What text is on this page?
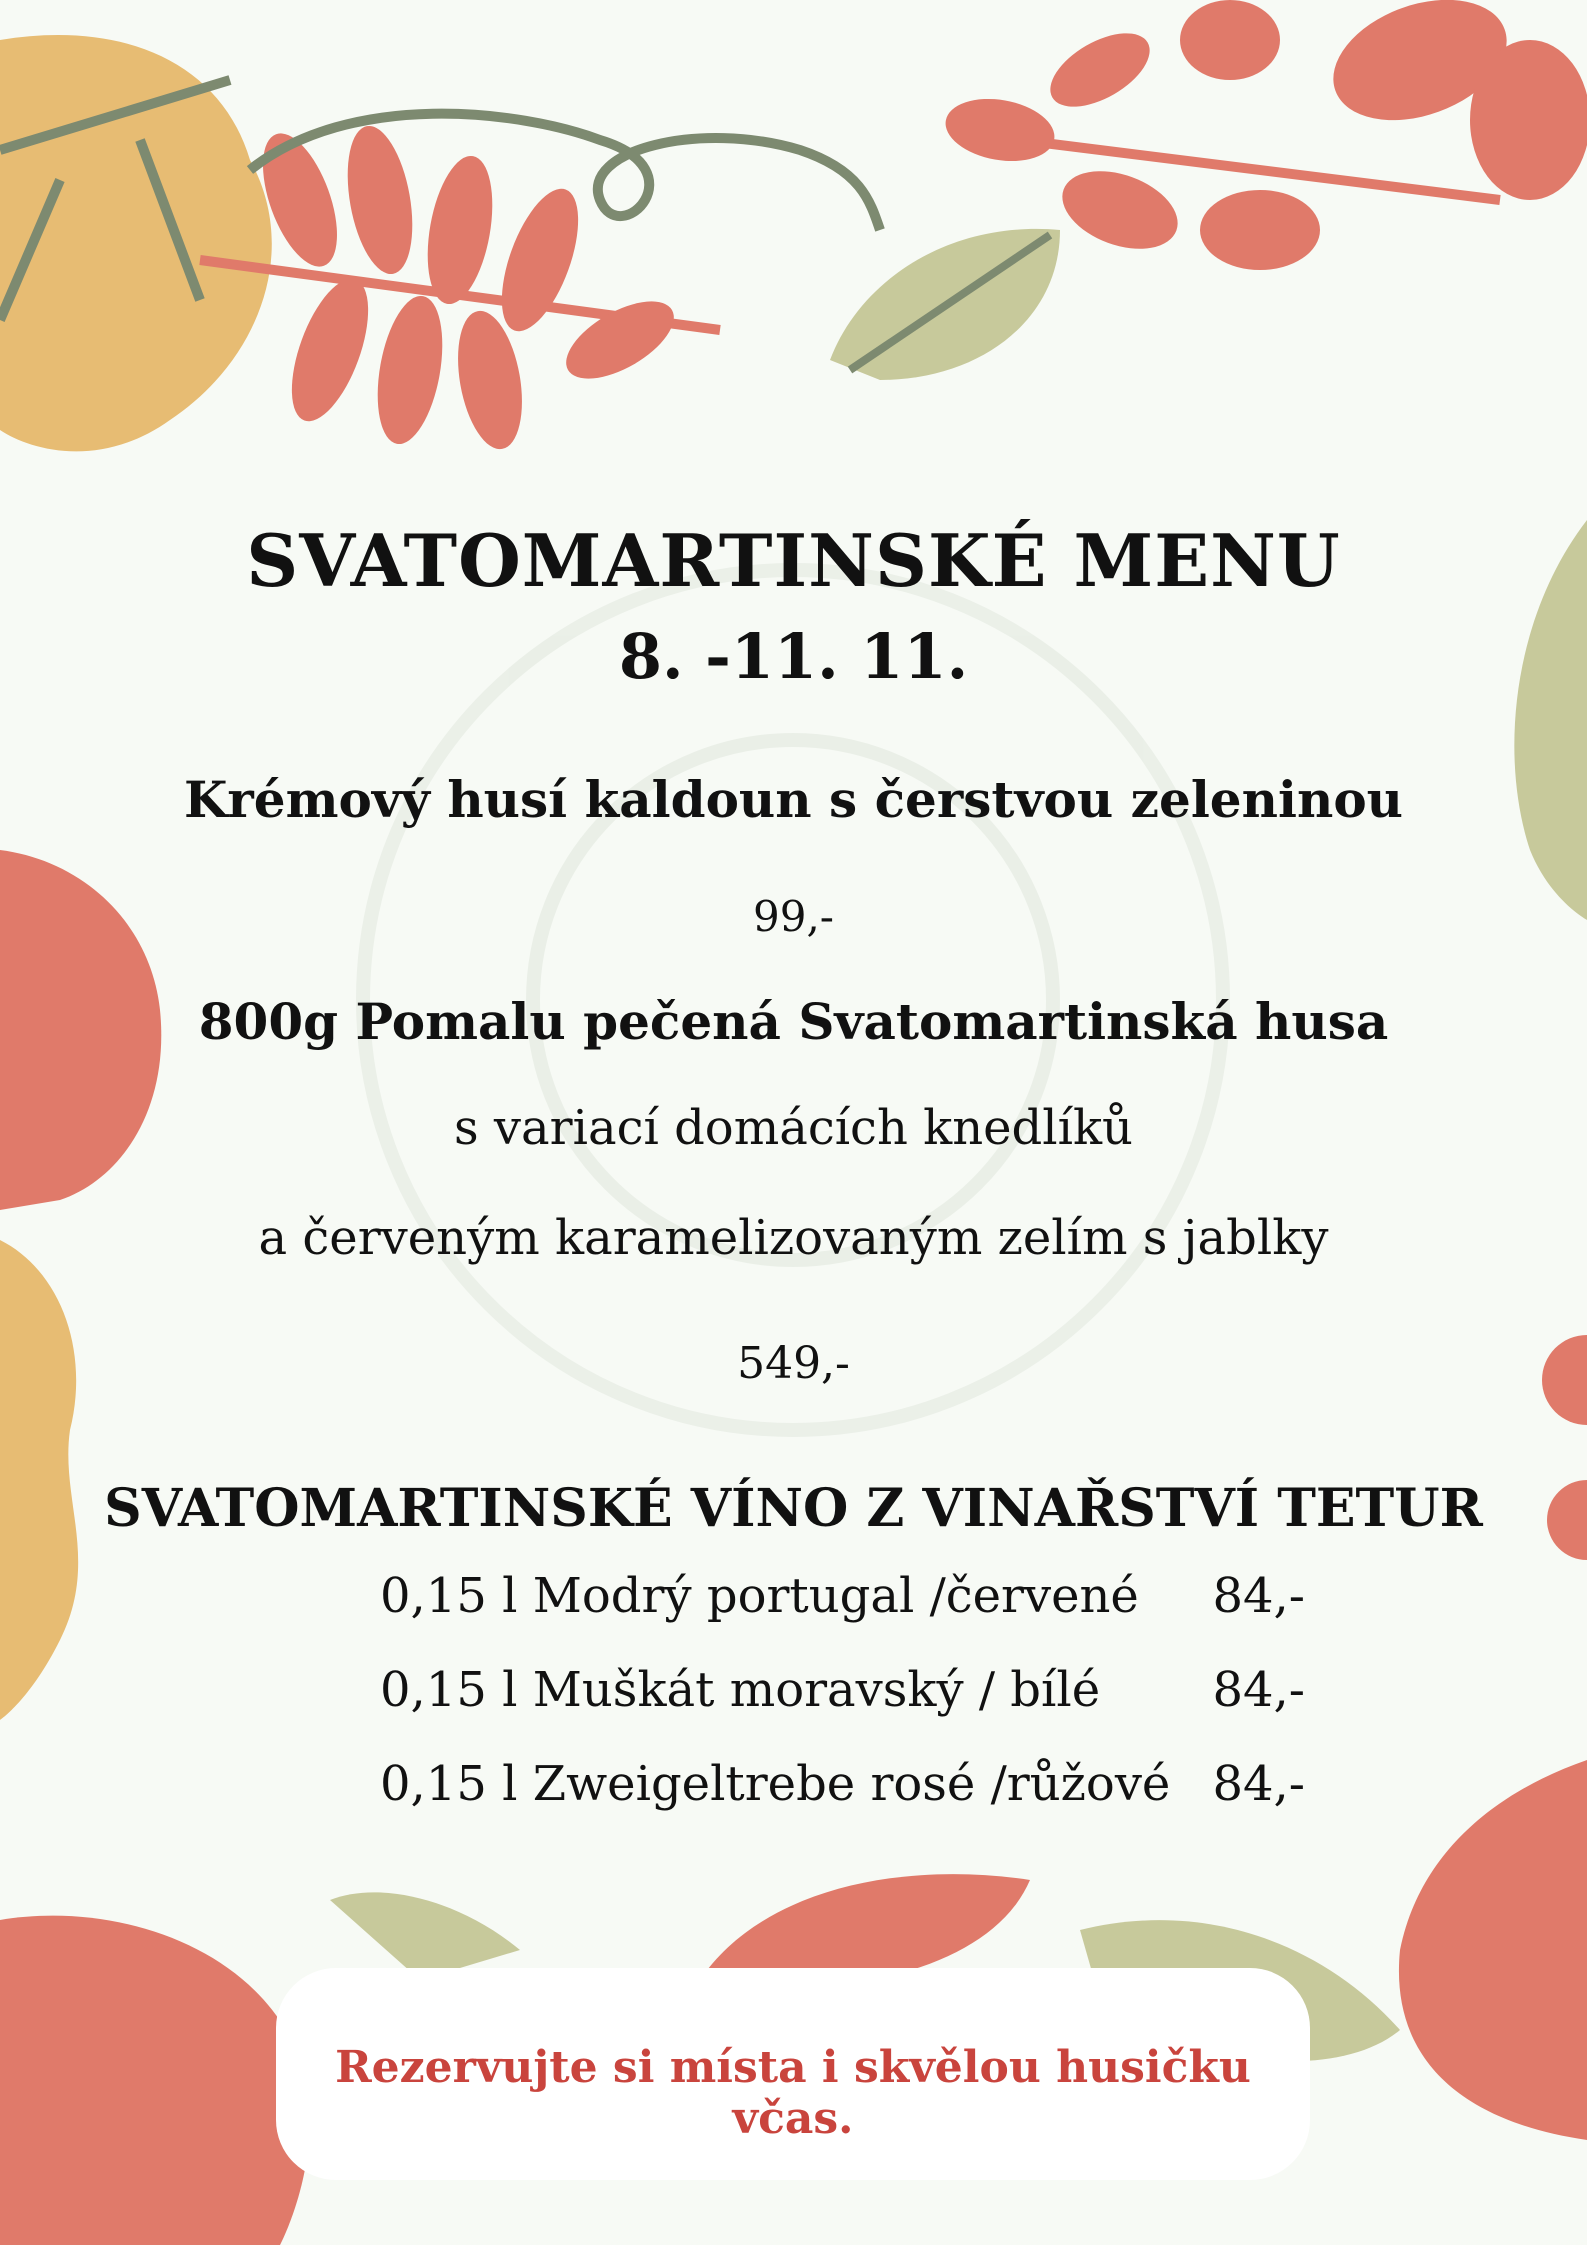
SVATOMARTINSKÉ MENU
8. -11. 11.
Krémový husí kaldoun s čerstvou zeleninou
99,-
800g Pomalu pečená Svatomartinská husa
s variací domácích knedlíků
a červeným karamelizovaným zelím s jablky
549,-
SVATOMARTINSKÉ VÍNO Z VINAŘSTVÍ TETUR
0,15 l Modrý portugal /červené 84,-
0,15 l Muškát moravský / bílé 84,-
0,15 l Zweigeltrebe rosé /růžové 84,-
Rezervujte si místa i skvělou husičku včas.
